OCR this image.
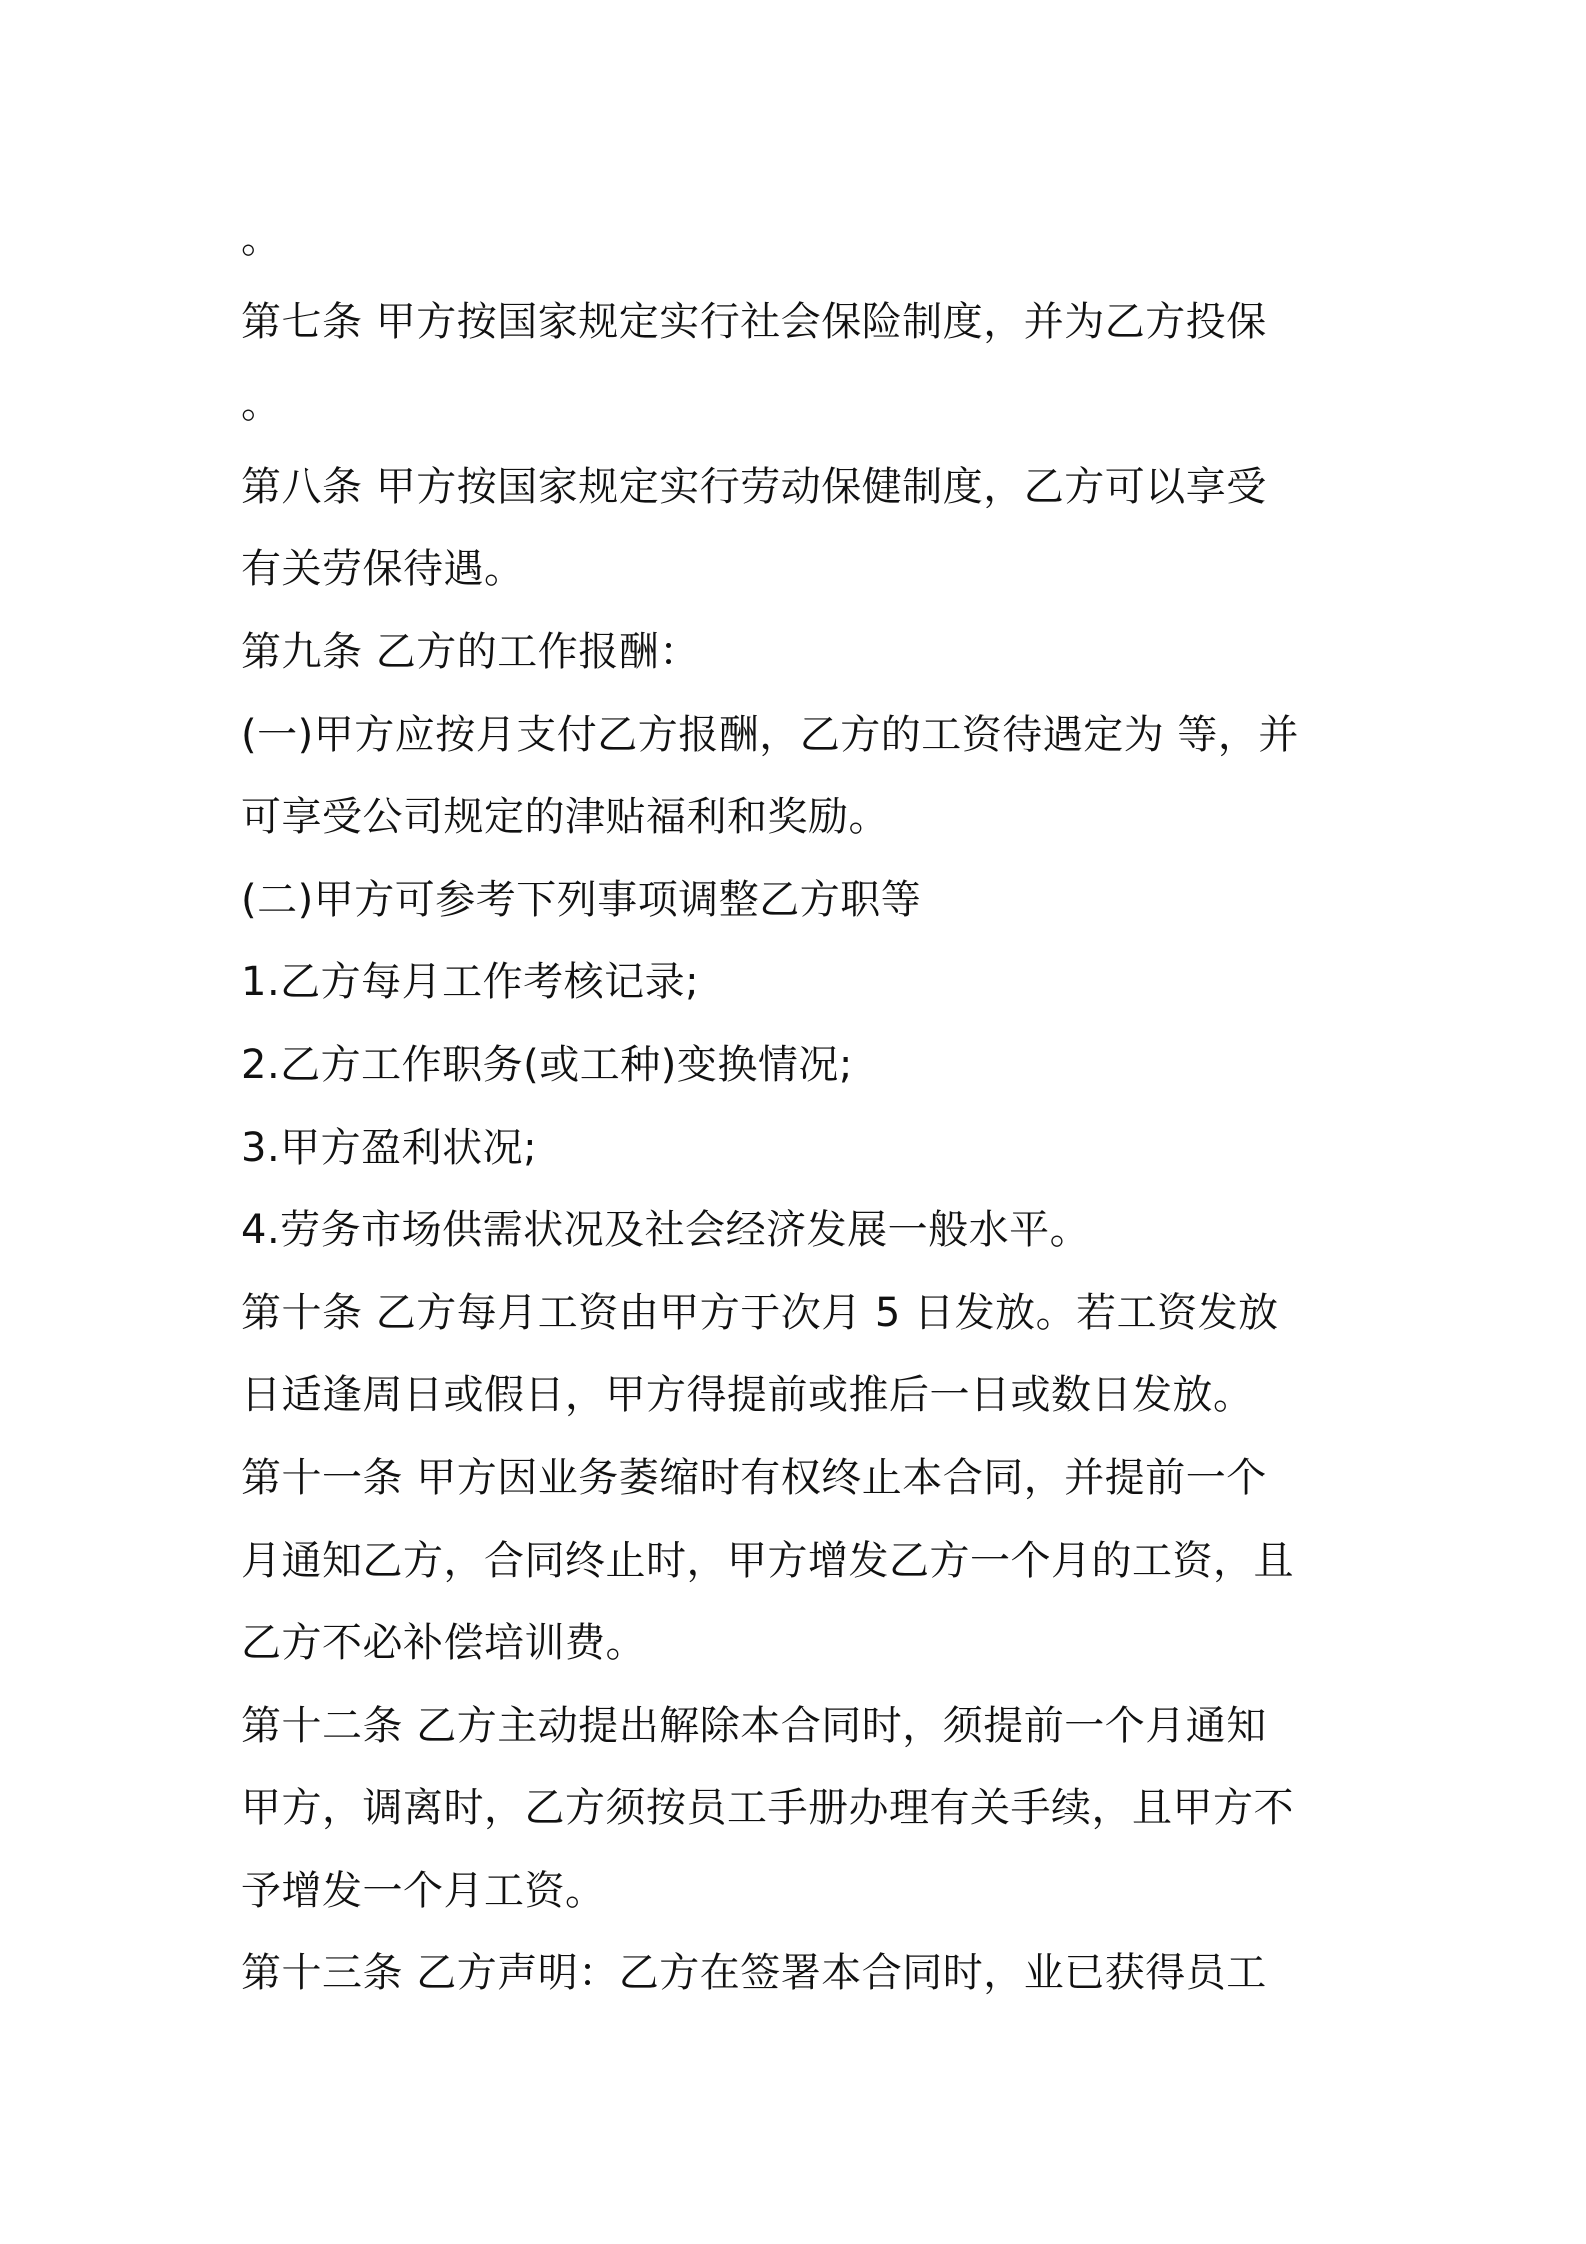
。
第七条 甲方按国家规定实行社会保险制度，并为乙方投保
。
第八条 甲方按国家规定实行劳动保健制度，乙方可以享受
有关劳保待遇。
第九条 乙方的工作报酬：
(一)甲方应按月支付乙方报酬，乙方的工资待遇定为 等，并
可享受公司规定的津贴福利和奖励。
(二)甲方可参考下列事项调整乙方职等
1.乙方每月工作考核记录;
2.乙方工作职务(或工种)变换情况;
3.甲方盈利状况;
4.劳务市场供需状况及社会经济发展一般水平。
第十条 乙方每月工资由甲方于次月 5 日发放。若工资发放
日适逢周日或假日，甲方得提前或推后一日或数日发放。
第十一条 甲方因业务萎缩时有权终止本合同，并提前一个
月通知乙方，合同终止时，甲方增发乙方一个月的工资，且
乙方不必补偿培训费。
第十二条 乙方主动提出解除本合同时，须提前一个月通知
甲方，调离时，乙方须按员工手册办理有关手续，且甲方不
予增发一个月工资。
第十三条 乙方声明：乙方在签署本合同时，业已获得员工
